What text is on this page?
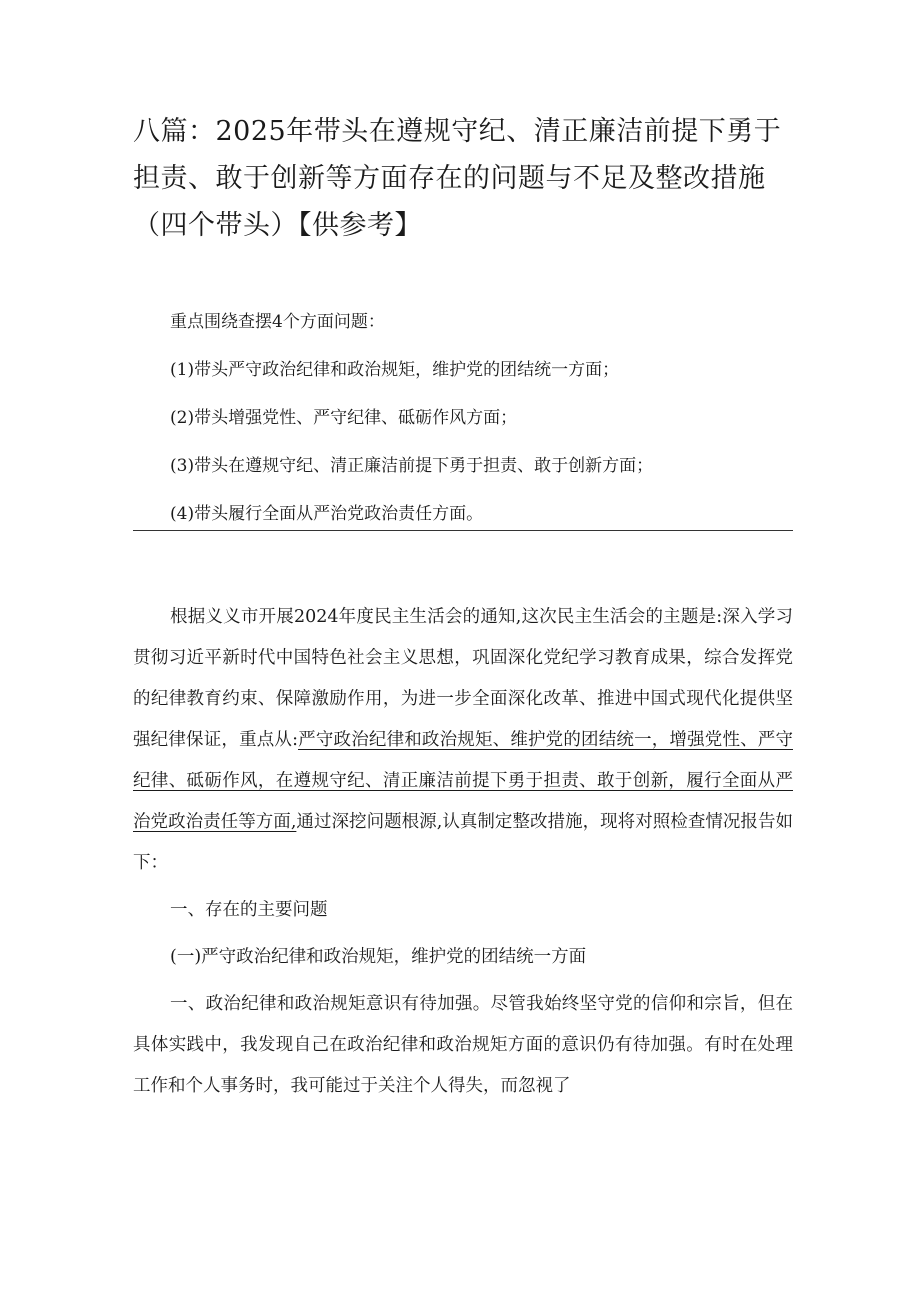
八篇：2025年带头在遵规守纪、清正廉洁前提下勇于担责、敢于创新等方面存在的问题与不足及整改措施（四个带头）【供参考】

重点围绕查摆4个方面问题：

(1)带头严守政治纪律和政治规矩，维护党的团结统一方面；

(2)带头增强党性、严守纪律、砥砺作风方面；

(3)带头在遵规守纪、清正廉洁前提下勇于担责、敢于创新方面；

(4)带头履行全面从严治党政治责任方面。

根据义义市开展2024年度民主生活会的通知,这次民主生活会的主题是:深入学习贯彻习近平新时代中国特色社会主义思想，巩固深化党纪学习教育成果，综合发挥党的纪律教育约束、保障激励作用，为进一步全面深化改革、推进中国式现代化提供坚强纪律保证，重点从:严守政治纪律和政治规矩、维护党的团结统一，增强党性、严守纪律、砥砺作风，在遵规守纪、清正廉洁前提下勇于担责、敢于创新，履行全面从严治党政治责任等方面,通过深挖问题根源,认真制定整改措施，现将对照检查情况报告如下：

一、存在的主要问题

(一)严守政治纪律和政治规矩，维护党的团结统一方面

一、政治纪律和政治规矩意识有待加强。尽管我始终坚守党的信仰和宗旨，但在具体实践中，我发现自己在政治纪律和政治规矩方面的意识仍有待加强。有时在处理工作和个人事务时，我可能过于关注个人得失，而忽视了
